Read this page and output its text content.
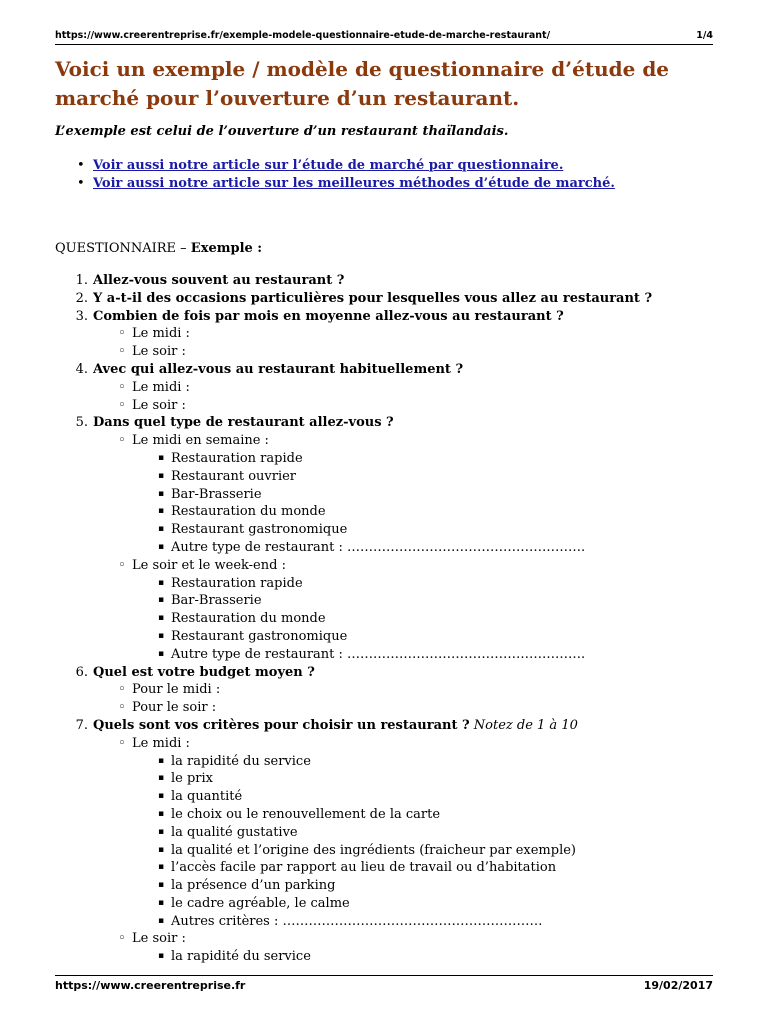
https://www.creerentreprise.fr/exemple-modele-questionnaire-etude-de-marche-restaurant/	1/4
Voici un exemple / modèle de questionnaire d’étude de marché pour l’ouverture d’un restaurant.

L’exemple est celui de l’ouverture d’un restaurant thaïlandais.

• Voir aussi notre article sur l’étude de marché par questionnaire.
• Voir aussi notre article sur les meilleures méthodes d’étude de marché.

QUESTIONNAIRE – Exemple :

1. Allez-vous souvent au restaurant ?
2. Y a-t-il des occasions particulières pour lesquelles vous allez au restaurant ?
3. Combien de fois par mois en moyenne allez-vous au restaurant ?
◦ Le midi :
◦ Le soir :
4. Avec qui allez-vous au restaurant habituellement ?
◦ Le midi :
◦ Le soir :
5. Dans quel type de restaurant allez-vous ?
◦ Le midi en semaine :
▪ Restauration rapide
▪ Restaurant ouvrier
▪ Bar-Brasserie
▪ Restauration du monde
▪ Restaurant gastronomique
▪ Autre type de restaurant : ……………………………………………….
◦ Le soir et le week-end :
▪ Restauration rapide
▪ Bar-Brasserie
▪ Restauration du monde
▪ Restaurant gastronomique
▪ Autre type de restaurant : ……………………………………………….
6. Quel est votre budget moyen ?
◦ Pour le midi :
◦ Pour le soir :
7. Quels sont vos critères pour choisir un restaurant ? Notez de 1 à 10
◦ Le midi :
▪ la rapidité du service
▪ le prix
▪ la quantité
▪ le choix ou le renouvellement de la carte
▪ la qualité gustative
▪ la qualité et l’origine des ingrédients (fraicheur par exemple)
▪ l’accès facile par rapport au lieu de travail ou d’habitation
▪ la présence d’un parking
▪ le cadre agréable, le calme
▪ Autres critères : ……………………………………………………
◦ Le soir :
▪ la rapidité du service
https://www.creerentreprise.fr	19/02/2017
